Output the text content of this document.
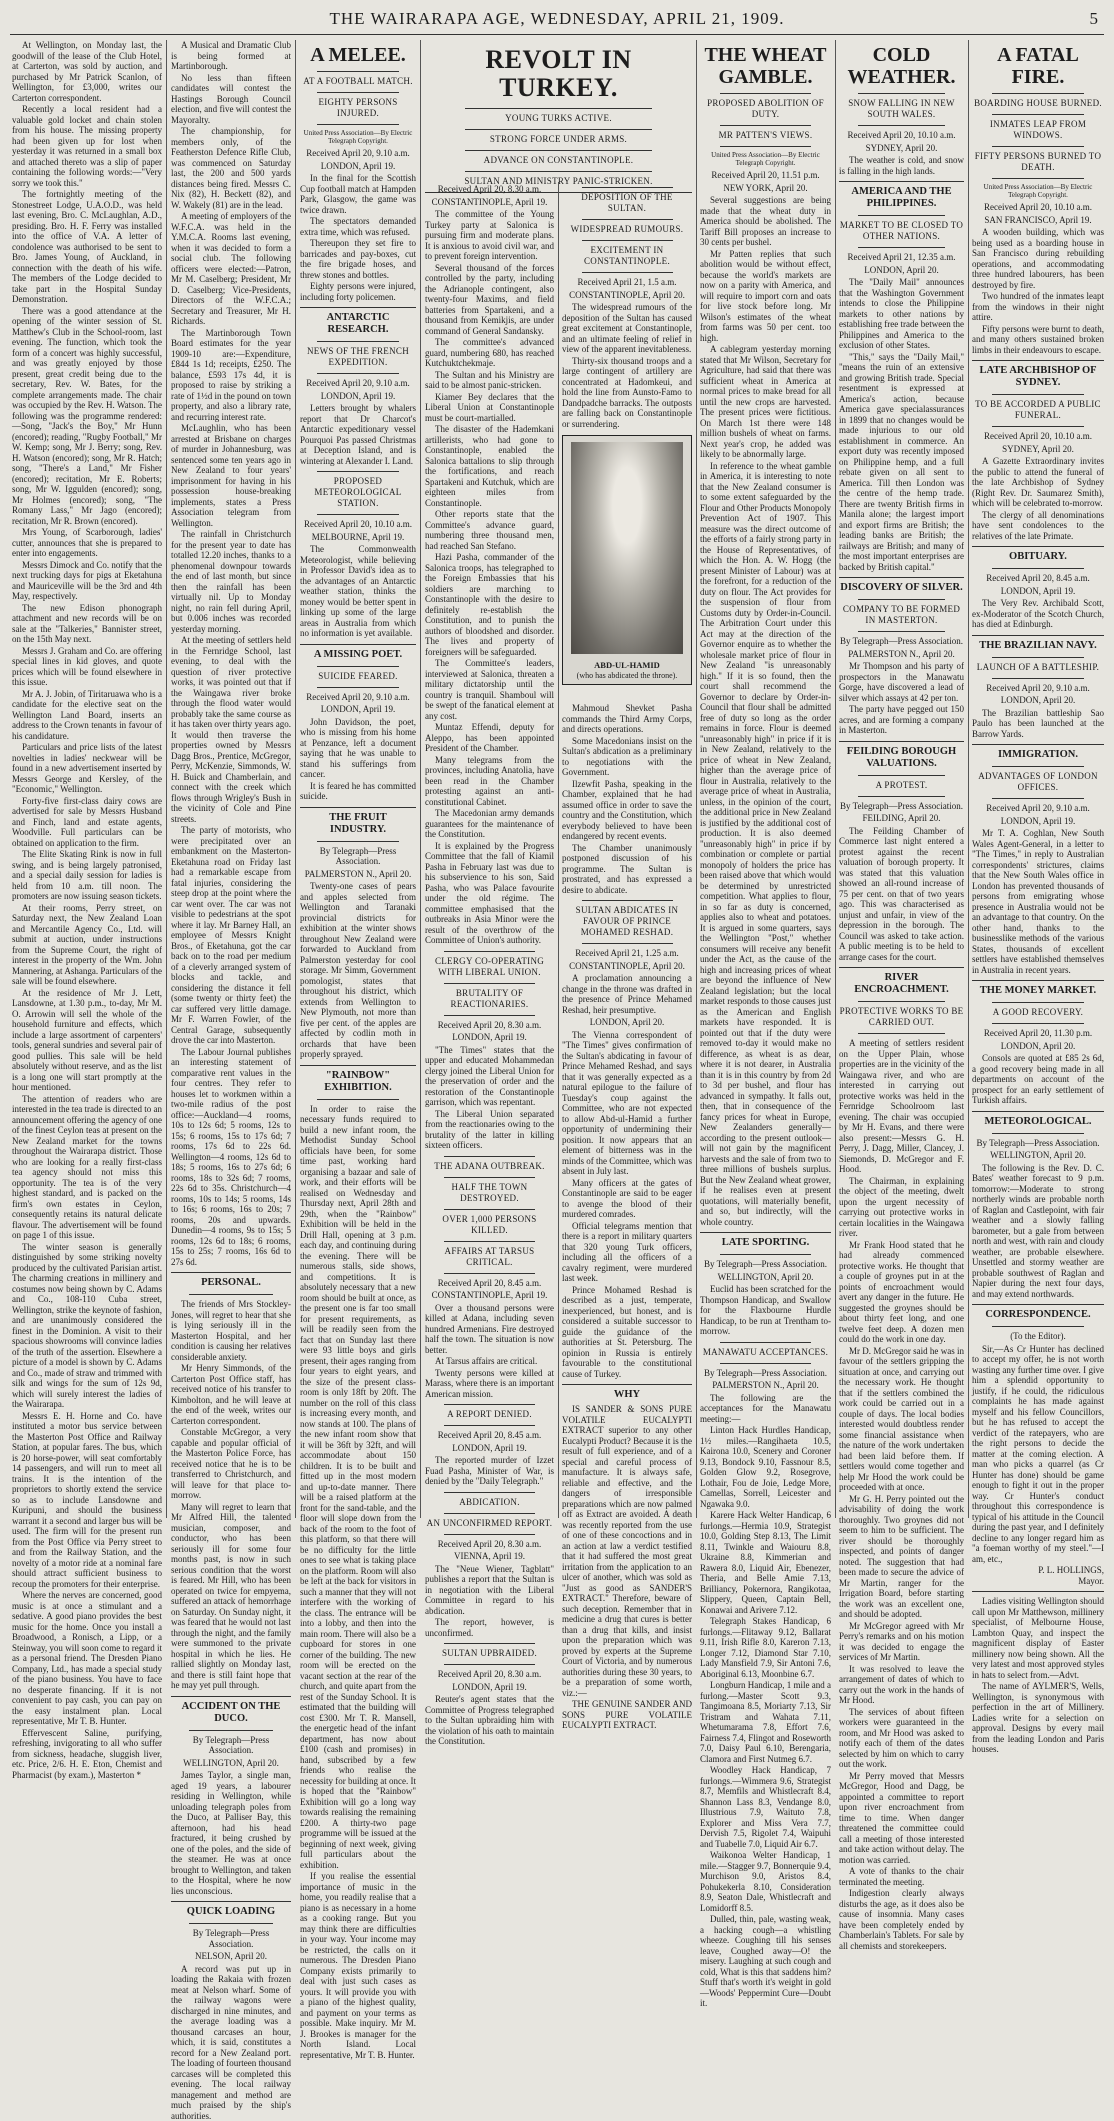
THE WAIRARAPA AGE, WEDNESDAY, APRIL 21, 1909.	5

At Wellington, on Monday last, the goodwill of the lease of the Club Hotel, at Carterton, was sold by auction, and purchased by Mr Patrick Scanlon, of Wellington, for £3,000, writes our Carterton correspondent.

Recently a local resident had a valuable gold locket and chain stolen from his house. The missing property had been given up for lost when yesterday it was returned in a small box and attached thereto was a slip of paper containing the following words:—"Very sorry we took this."

The fortnightly meeting of the Stonestreet Lodge, U.A.O.D., was held last evening, Bro. C. McLaughlan, A.D., presiding. Bro. H. F. Ferry was installed into the office of V.A. A letter of condolence was authorised to be sent to Bro. James Young, of Auckland, in connection with the death of his wife. The members of the Lodge decided to take part in the Hospital Sunday Demonstration.

There was a good attendance at the opening of the winter session of St. Matthew's Club in the School-room, last evening. The function, which took the form of a concert was highly successful, and was greatly enjoyed by those present, great credit being due to the secretary, Rev. W. Bates, for the complete arrangements made. The chair was occupied by the Rev. H. Watson. The following was the programme rendered:—Song, "Jack's the Boy," Mr Hunn (encored); reading, "Rugby Football," Mr W. Kemp; song, Mr J. Berry; song, Rev. H. Watson (encored); song, Mr R. Hatch; song, "There's a Land," Mr Fisher (encored); recitation, Mr E. Roberts; song, Mr W. Iggulden (encored); song, Mr Holmes (encored); song, "The Romany Lass," Mr Jago (encored); recitation, Mr R. Brown (encored).

Mrs Young, of Scarborough, ladies' cutter, announces that she is prepared to enter into engagements.

Messrs Dimock and Co. notify that the next trucking days for pigs at Eketahuna and Mauriceville will be the 3rd and 4th May, respectively.

The new Edison phonograph attachment and new records will be on sale at the "Talkeries," Bannister street, on the 15th May next.

Messrs J. Graham and Co. are offering special lines in kid gloves, and quote prices which will be found elsewhere in this issue.

Mr A. J. Jobin, of Tiritaruawa who is a candidate for the elective seat on the Wellington Land Board, inserts an address to the Crown tenants in favour of his candidature.

Particulars and price lists of the latest novelties in ladies' neckwear will be found in a new advertisement inserted by Messrs George and Kersley, of the "Economic," Wellington.

Forty-five first-class dairy cows are advertised for sale by Messrs Husband and Finch, land and estate agents, Woodville. Full particulars can be obtained on application to the firm.

The Elite Skating Rink is now in full swing, and is being largely patronised, and a special daily session for ladies is held from 10 a.m. till noon. The promoters are now issuing season tickets.

At their rooms, Perry street, on Saturday next, the New Zealand Loan and Mercantile Agency Co., Ltd. will submit at auction, under instructions from the Supreme Court, the right of interest in the property of the Wm. John Mannering, at Ashanga. Particulars of the sale will be found elsewhere.

At the residence of Mr J. Lett, Lansdowne, at 1.30 p.m., to-day, Mr M. O. Arrowin will sell the whole of the household furniture and effects, which include a large assortment of carpenters' tools, general sundries and several pair of good pullies. This sale will be held absolutely without reserve, and as the list is a long one will start promptly at the hour mentioned.

The attention of readers who are interested in the tea trade is directed to an announcement offering the agency of one of the finest Ceylon teas at present on the New Zealand market for the towns throughout the Wairarapa district. Those who are looking for a really first-class tea agency should not miss this opportunity. The tea is of the very highest standard, and is packed on the firm's own estates in Ceylon, consequently retains its natural delicate flavour. The advertisement will be found on page 1 of this issue.

The winter season is generally distinguished by some striking novelty produced by the cultivated Parisian artist. The charming creations in millinery and costumes now being shown by C. Adams and Co., 108-110 Cuba street, Wellington, strike the keynote of fashion, and are unanimously considered the finest in the Dominion. A visit to their spacious showrooms will convince ladies of the truth of the assertion. Elsewhere a picture of a model is shown by C. Adams and Co., made of straw and trimmed with silk and wings for the sum of 12s 9d, which will surely interest the ladies of the Wairarapa.

Messrs E. H. Horne and Co. have instituted a motor bus service between the Masterton Post Office and Railway Station, at popular fares. The bus, which is 20 horse-power, will seat comfortably 14 passengers, and will run to meet all trains. It is the intention of the proprietors to shortly extend the service so as to include Lansdowne and Kuripuni, and should the business warrant it a second and larger bus will be used. The firm will for the present run from the Post Office via Perry street to and from the Railway Station, and the novelty of a motor ride at a nominal fare should attract sufficient business to recoup the promoters for their enterprise.

Where the nerves are concerned, good music is at once a stimulant and a sedative. A good piano provides the best music for the home. Once you install a Broadwood, a Ronisch, a Lipp, or a Steinway, you will soon come to regard it as a personal friend. The Dresden Piano Company, Ltd., has made a special study of the piano business. You have to face no desperate financing. If it is not convenient to pay cash, you can pay on the easy instalment plan. Local representative, Mr T. B. Hunter.

Effervescent Saline, purifying, refreshing, invigorating to all who suffer from sickness, headache, sluggish liver, etc. Price, 2/6. H. E. Eton, Chemist and Pharmacist (by exam.), Masterton *

A Musical and Dramatic Club is being formed at Martinborough.

No less than fifteen candidates will contest the Hastings Borough Council election, and five will contest the Mayoralty.

The championship, for members only, of the Featherston Defence Rifle Club, was commenced on Saturday last, the 200 and 500 yards distances being fired. Messrs C. Nix (82), H. Beckett (82), and W. Wakely (81) are in the lead.

A meeting of employers of the W.F.C.A. was held in the Y.M.C.A. Rooms last evening, when it was decided to form a social club. The following officers were elected:—Patron, Mr M. Caselberg; President, Mr D. Caselberg; Vice-Presidents, Directors of the W.F.C.A.; Secretary and Treasurer, Mr H. Richards.

The Martinborough Town Board estimates for the year 1909-10 are:—Expenditure, £844 1s 1d; receipts, £250. The balance, £593 17s 4d, it is proposed to raise by striking a rate of 1½d in the pound on town property, and also a library rate, and recurring interest rate.

McLaughlin, who has been arrested at Brisbane on charges of murder in Johannesburg, was sentenced some ten years ago in New Zealand to four years' imprisonment for having in his possession house-breaking implements, states a Press Association telegram from Wellington.

The rainfall in Christchurch for the present year to date has totalled 12.20 inches, thanks to a phenomenal downpour towards the end of last month, but since then the rainfall has been virtually nil. Up to Monday night, no rain fell during April, but 0.006 inches was recorded yesterday morning.

At the meeting of settlers held in the Fernridge School, last evening, to deal with the question of river protective works, it was pointed out that if the Waingawa river broke through the flood water would probably take the same course as it has taken over thirty years ago. It would then traverse the properties owned by Messrs Dagg Bros., Prentice, McGregor, Perry, McKenzie, Simmonds, W. H. Buick and Chamberlain, and connect with the creek which flows through Wrigley's Bush in the vicinity of Cole and Pine streets.

The party of motorists, who were precipitated over an embankment on the Masterton-Eketahuna road on Friday last had a remarkable escape from fatal injuries, considering the steep drop at the point where the car went over. The car was not visible to pedestrians at the spot where it lay. Mr Barney Hall, an employee of Messrs Knight Bros., of Eketahuna, got the car back on to the road per medium of a cleverly arranged system of blocks and tackle, and considering the distance it fell (some twenty or thirty feet) the car suffered very little damage. Mr F. Warren Fowler, of the Central Garage, subsequently drove the car into Masterton.

The Labour Journal publishes an interesting statement of comparative rent values in the four centres. They refer to houses let to workmen within a two-mile radius of the post office:—Auckland—4 rooms, 10s to 12s 6d; 5 rooms, 12s to 15s; 6 rooms, 15s to 17s 6d; 7 rooms, 17s 6d to 22s 6d. Wellington—4 rooms, 12s 6d to 18s; 5 rooms, 16s to 27s 6d; 6 rooms, 18s to 32s 6d; 7 rooms, 22s 6d to 35s. Christchurch—4 rooms, 10s to 14s; 5 rooms, 14s to 16s; 6 rooms, 16s to 20s; 7 rooms, 20s and upwards. Dunedin—4 rooms, 9s to 15s; 5 rooms, 12s 6d to 18s; 6 rooms, 15s to 25s; 7 rooms, 16s 6d to 27s 6d.

PERSONAL.

The friends of Mrs Stockley-Jones, will regret to hear that she is lying seriously ill in the Masterton Hospital, and her condition is causing her relatives considerable anxiety.

Mr Henry Simmonds, of the Carterton Post Office staff, has received notice of his transfer to Kimbolton, and he will leave at the end of the week, writes our Carterton correspondent.

Constable McGregor, a very capable and popular official of the Masterton Police Force, has received notice that he is to be transferred to Christchurch, and will leave for that place to-morrow.

Many will regret to learn that Mr Alfred Hill, the talented musician, composer, and conductor, who has been seriously ill for some four months past, is now in such serious condition that the worst is feared. Mr Hill, who has been operated on twice for empyema, suffered an attack of hemorrhage on Saturday. On Sunday night, it was feared that he would not last through the night, and the family were summoned to the private hospital in which he lies. He rallied slightly on Monday last, and there is still faint hope that he may yet pull through.

ACCIDENT ON THE DUCO.
By Telegraph—Press Association.
WELLINGTON, April 20.

James Taylor, a single man, aged 19 years, a labourer residing in Wellington, while unloading telegraph poles from the Duco, at Palliser Bay, this afternoon, had his head fractured, it being crushed by one of the poles, and the side of the steamer. He was at once brought to Wellington, and taken to the Hospital, where he now lies unconscious.

QUICK LOADING
By Telegraph—Press Association.
NELSON, April 20.

A record was put up in loading the Rakaia with frozen meat at Nelson wharf. Some of the railway wagons were discharged in nine minutes, and the average loading was a thousand carcases an hour, which, it is said, constitutes a record for a New Zealand port. The loading of fourteen thousand carcases will be completed this evening. The local railway management and method are much praised by the ship's authorities.

A MELEE.
AT A FOOTBALL MATCH.
EIGHTY PERSONS INJURED.
United Press Association—By Electric Telegraph Copyright.
Received April 20, 9.10 a.m.
LONDON, April 19.

In the final for the Scottish Cup football match at Hampden Park, Glasgow, the game was twice drawn.

The spectators demanded extra time, which was refused.

Thereupon they set fire to barricades and pay-boxes, cut the fire brigade hoses, and threw stones and bottles.

Eighty persons were injured, including forty policemen.

ANTARCTIC RESEARCH.
NEWS OF THE FRENCH EXPEDITION.
Received April 20, 9.10 a.m.
LONDON, April 19.

Letters brought by whalers report that Dr Charcot's Antarctic expeditionary vessel Pourquoi Pas passed Christmas at Deception Island, and is wintering at Alexander I. Land.

PROPOSED METEOROLOGICAL STATION.
Received April 20, 10.10 a.m.
MELBOURNE, April 19.

The Commonwealth Meteorologist, while believing in Professor David's idea as to the advantages of an Antarctic weather station, thinks the money would be better spent in linking up some of the large areas in Australia from which no information is yet available.

A MISSING POET.
SUICIDE FEARED.
Received April 20, 9.10 a.m.
LONDON, April 19.

John Davidson, the poet, who is missing from his home at Penzance, left a document saying that he was unable to stand his sufferings from cancer.

It is feared he has committed suicide.

THE FRUIT INDUSTRY.
By Telegraph—Press Association.
PALMERSTON N., April 20.

Twenty-one cases of pears and apples selected from Wellington and Taranaki provincial districts for exhibition at the winter shows throughout New Zealand were forwarded to Auckland from Palmerston yesterday for cool storage. Mr Simm, Government pomologist, states that throughout his district, which extends from Wellington to New Plymouth, not more than five per cent. of the apples are affected by codlin moth in orchards that have been properly sprayed.

"RAINBOW" EXHIBITION.

In order to raise the necessary funds required to build a new infant room, the Methodist Sunday School officials have been, for some time past, working hard organising a bazaar and sale of work, and their efforts will be realised on Wednesday and Thursday next, April 28th and 29th, when the "Rainbow" Exhibition will be held in the Drill Hall, opening at 3 p.m. each day, and continuing during the evening. There will be numerous stalls, side shows, and competitions. It is absolutely necessary that a new room should be built at once, as the present one is far too small for present requirements, as will be readily seen from the fact that on Sunday last there were 93 little boys and girls present, their ages ranging from four years to eight years, and the size of the present class-room is only 18ft by 20ft. The number on the roll of this class is increasing every month, and now stands at 100. The plans of the new infant room show that it will be 36ft by 32ft, and will accommodate about 150 children. It is to be built and fitted up in the most modern and up-to-date manner. There will be a raised platform at the front for the sand-table, and the floor will slope down from the back of the room to the foot of this platform, so that there will be no difficulty for the little ones to see what is taking place on the platform. Room will also be left at the back for visitors in such a manner that they will not interfere with the working of the class. The entrance will be into a lobby, and then into the main room. There will also be a cupboard for stores in one corner of the building. The new room will be erected on the vacant section at the rear of the church, and quite apart from the rest of the Sunday School. It is estimated that the building will cost £300. Mr T. R. Mansell, the energetic head of the infant department, has now about £100 (cash and promises) in hand, subscribed by a few friends who realise the necessity for building at once. It is hoped that the "Rainbow" Exhibition will go a long way towards realising the remaining £200. A thirty-two page programme will be issued at the beginning of next week, giving full particulars about the exhibition.

If you realise the essential importance of music in the home, you readily realise that a piano is as necessary in a home as a cooking range. But you may think there are difficulties in your way. Your income may be restricted, the calls on it numerous. The Dresden Piano Company exists primarily to deal with just such cases as yours. It will provide you with a piano of the highest quality, and payment on your terms as possible. Make inquiry. Mr M. J. Brookes is manager for the North Island. Local representative, Mr T. B. Hunter.

REVOLT IN TURKEY.
YOUNG TURKS ACTIVE.
STRONG FORCE UNDER ARMS.
ADVANCE ON CONSTANTINOPLE.
SULTAN AND MINISTRY PANIC-STRICKEN.
Received April 20, 8.30 a.m.
CONSTANTINOPLE, April 19.

The committee of the Young Turkey party at Salonica is pursuing firm and moderate plans. It is anxious to avoid civil war, and to prevent foreign intervention.

Several thousand of the forces controlled by the party, including the Adrianople contingent, also twenty-four Maxims, and field batteries from Spartakeni, and a thousand from Kemikjis, are under command of General Sandansky.

The committee's advanced guard, numbering 680, has reached Kutchuktchekmaje.

The Sultan and his Ministry are said to be almost panic-stricken.

Kiamer Bey declares that the Liberal Union at Constantinople must be court-martialled.

The disaster of the Hademkani artillerists, who had gone to Constantinople, enabled the Salonica battalions to slip through the fortifications, and reach Spartakeni and Kutchuk, which are eighteen miles from Constantinople.

Other reports state that the Committee's advance guard, numbering three thousand men, had reached San Stefano.

Hazi Pasha, commander of the Salonica troops, has telegraphed to the Foreign Embassies that his soldiers are marching to Constantinople with the desire to definitely re-establish the Constitution, and to punish the authors of bloodshed and disorder. The lives and property of foreigners will be safeguarded.

The Committee's leaders, interviewed at Salonica, threaten a military dictatorship until the country is tranquil. Shamboul will be swept of the fanatical element at any cost.

Muntaz Effendi, deputy for Aleppo, has been appointed President of the Chamber.

Many telegrams from the provinces, including Anatolia, have been read in the Chamber protesting against an anti-constitutional Cabinet.

The Macedonian army demands guarantees for the maintenance of the Constitution.

It is explained by the Progress Committee that the fall of Kiamil Pasha in February last was due to his subservience to his son, Said Pasha, who was Palace favourite under the old régime. The committee emphasised that the outbreaks in Asia Minor were the result of the overthrow of the Committee of Union's authority.

CLERGY CO-OPERATING WITH LIBERAL UNION.
BRUTALITY OF REACTIONARIES.
Received April 20, 8.30 a.m.
LONDON, April 19.

"The Times" states that the upper and educated Mohammedan clergy joined the Liberal Union for the preservation of order and the restoration of the Constantinople garrison, which was repentant.

The Liberal Union separated from the reactionaries owing to the brutality of the latter in killing sixteen officers.

THE ADANA OUTBREAK.
HALF THE TOWN DESTROYED.
OVER 1,000 PERSONS KILLED.
AFFAIRS AT TARSUS CRITICAL.
Received April 20, 8.45 a.m.
CONSTANTINOPLE, April 19.

Over a thousand persons were killed at Adana, including seven hundred Armenians. Fire destroyed half the town. The situation is now better.

At Tarsus affairs are critical.

Twenty persons were killed at Marass, where there is an important American mission.

A REPORT DENIED.
Received April 20, 8.45 a.m.
LONDON, April 19.

The reported murder of Izzet Fuad Pasha, Minister of War, is denied by the "Daily Telegraph."

ABDICATION.
AN UNCONFIRMED REPORT.
Received April 20, 8.30 a.m.
VIENNA, April 19.

The "Neue Wiener, Tagblatt" publishes a report that the Sultan is in negotiation with the Liberal Committee in regard to his abdication.

The report, however, is unconfirmed.

SULTAN UPBRAIDED.
Received April 20, 8.30 a.m.
LONDON, April 19.

Reuter's agent states that the Committee of Progress telegraphed to the Sultan upbraiding him with the violation of his oath to maintain the Constitution.

DEPOSITION OF THE SULTAN.
WIDESPREAD RUMOURS.
EXCITEMENT IN CONSTANTINOPLE.
Received April 21, 1.5 a.m.
CONSTANTINOPLE, April 20.

The widespread rumours of the deposition of the Sultan has caused great excitement at Constantinople, and an ultimate feeling of relief in view of the apparent inevitableness.

Thirty-six thousand troops and a large contingent of artillery are concentrated at Hadomkeui, and hold the line from Aunsto-Famo to Dandpadche barracks. The outposts are falling back on Constantinople or surrendering.

ABD-UL-HAMID
(who has abdicated the throne).

Mahmoud Shevket Pasha commands the Third Army Corps, and directs operations.

Some Macedonians insist on the Sultan's abdication as a preliminary to negotiations with the Government.

Ilzewfit Pasha, speaking in the Chamber, explained that he had assumed office in order to save the country and the Constitution, which everybody believed to have been endangered by recent events.

The Chamber unanimously postponed discussion of his programme. The Sultan is prostrated, and has expressed a desire to abdicate.

SULTAN ABDICATES IN FAVOUR OF PRINCE MOHAMED RESHAD.
Received April 21, 1.25 a.m.
CONSTANTINOPLE, April 20.

A proclamation announcing a change in the throne was drafted in the presence of Prince Mehamed Reshad, heir presumptive.

LONDON, April 20.

The Vienna correspondent of "The Times" gives confirmation of the Sultan's abdicating in favour of Prince Mehamed Reshad, and says that it was generally expected as a natural epilogue to the failure of Tuesday's coup against the Committee, who are not expected to allow Abd-ul-Hamid a further opportunity of undermining their position. It now appears that an element of bitterness was in the minds of the Committee, which was absent in July last.

Many officers at the gates of Constantinople are said to be eager to avenge the blood of their murdered comrades.

Official telegrams mention that there is a report in military quarters that 320 young Turk officers, including all the officers of a cavalry regiment, were murdered last week.

Prince Mohamed Reshad is described as a just, temperate, inexperienced, but honest, and is considered a suitable successor to guide the guidance of the authorities at St. Petersburg. The opinion in Russia is entirely favourable to the constitutional cause of Turkey.

WHY

IS SANDER & SONS PURE VOLATILE EUCALYPTI EXTRACT superior to any other Eucalypti Product? Because it is the result of full experience, and of a special and careful process of manufacture. It is always safe, reliable and effective, and the dangers of irresponsible preparations which are now palmed off as Extract are avoided. A death was recently reported from the use of one of these concoctions and in an action at law a verdict testified that it had suffered the most great irritation from the application to an ulcer of another, which was sold as "Just as good as SANDER'S EXTRACT." Therefore, beware of such deception. Remember that in medicine a drug that cures is better than a drug that kills, and insist upon the preparation which was proved by experts at the Supreme Court of Victoria, and by numerous authorities during these 30 years, to be a preparation of some worth, viz.:—

THE GENUINE SANDER AND SONS PURE VOLATILE EUCALYPTI EXTRACT.

THE WHEAT GAMBLE.
PROPOSED ABOLITION OF DUTY.
MR PATTEN'S VIEWS.
United Press Association—By Electric Telegraph Copyright.
Received April 20, 11.51 p.m.
NEW YORK, April 20.

Several suggestions are being made that the wheat duty in America should be abolished. The Tariff Bill proposes an increase to 30 cents per bushel.

Mr Patten replies that such abolition would be without effect, because the world's markets are now on a parity with America, and will require to import corn and oats for live stock before long. Mr Wilson's estimates of the wheat from farms was 50 per cent. too high.

A cablegram yesterday morning stated that Mr Wilson, Secretary for Agriculture, had said that there was sufficient wheat in America at normal prices to make bread for all until the new crops are harvested. The present prices were fictitious. On March 1st there were 148 million bushels of wheat on farms. Next year's crop, he added was likely to be abnormally large.

In reference to the wheat gamble in America, it is interesting to note that the New Zealand consumer is to some extent safeguarded by the Flour and Other Products Monopoly Prevention Act of 1907. This measure was the direct outcome of the efforts of a fairly strong party in the House of Representatives, of which the Hon. A. W. Hogg (the present Minister of Labour) was at the forefront, for a reduction of the duty on flour. The Act provides for the suspension of flour from Customs duty by Order-in-Council. The Arbitration Court under this Act may at the direction of the Governor enquire as to whether the wholesale market price of flour in New Zealand "is unreasonably high." If it is so found, then the court shall recommend the Governor to declare by Order-in-Council that flour shall be admitted free of duty so long as the order remains in force. Flour is deemed "unreasonably high" in price if it is in New Zealand, relatively to the price of wheat in New Zealand, higher than the average price of flour in Australia, relatively to the average price of wheat in Australia, unless, in the opinion of the court, the additional price in New Zealand is justified by the additional cost of production. It is also deemed "unreasonably high" in price if by combination or complete or partial monopoly of holders the price has been raised above that which would be determined by unrestricted competition. What applies to flour, in so far as duty is concerned, applies also to wheat and potatoes. It is argued in some quarters, says the Wellington "Post," whether consumers will receive any benefit under the Act, as the cause of the high and increasing prices of wheat are beyond the influence of New Zealand legislation; but the local market responds to those causes just as the American and English markets have responded. It is pointed out that if the duty were removed to-day it would make no difference, as wheat is as dear, where it is not dearer, in Australia than it is in this country by from 2d to 3d per bushel, and flour has advanced in sympathy. It falls out, then, that in consequence of the fancy prices for wheat in Europe, New Zealanders generally—according to the present outlook—will not gain by the magnificent harvests and the sale of from two to three millions of bushels surplus. But the New Zealand wheat grower, if he realises even at present quotations, will materially benefit, and so, but indirectly, will the whole country.

LATE SPORTING.
By Telegraph—Press Association.
WELLINGTON, April 20.

Euclid has been scratched for the Thompson Handicap, and Swallow for the Flaxbourne Hurdle Handicap, to be run at Trentham to-morrow.

MANAWATU ACCEPTANCES.
By Telegraph—Press Association.
PALMERSTON N., April 20.

The following are the acceptances for the Manawatu meeting:—

Linton Hack Hurdles Handicap, 1½ miles.—Rangihaeta 10.5, Kairona 10.0, Scenery and Coroner 9.13, Bondock 9.10, Fassnour 8.5, Golden Glow 9.2, Rosegrove, Lothair, Fou de Joie, Ledge More, Camellas, Sorrell, Leicester and Ngawaka 9.0.

Karere Hack Welter Handicap, 6 furlongs.—Hermia 10.9, Strategist 10.0, Golding Step 8.13, The Limit 8.11, Twinkle and Waiouru 8.8, Ukraine 8.8, Kimmerian and Rawera 8.0, Liquid Air, Ebenezer, Theria, and Belle Amie 7.13, Brilliancy, Pokernora, Rangikotaa, Slippery, Queen, Captain Bell, Konawai and Arivere 7.12.

Telegraph Stakes Handicap, 6 furlongs.—Flitaway 9.12, Ballarat 9.11, Irish Rifle 8.0, Kareron 7.13, Longer 7.12, Diamond Star 7.10, Lady Mansfield 7.9, Sir Antoni 7.6, Aboriginal 6.13, Moonbine 6.7.

Longburn Handicap, 1 mile and a furlong.—Master Scott 9.3, Tangimoana 8.5, Moriarty 7.13, Sir Tristram and Wahata 7.11, Whetumarama 7.8, Effort 7.6, Fairness 7.4, Flingot and Roseworth 7.0, Daisy Paul 6.10, Berengaria, Clamora and First Nutmeg 6.7.

Woodley Hack Handicap, 7 furlongs.—Wimmera 9.6, Strategist 8.7, Memfils and Whistlecraft 8.4, Shannon Lass 8.3, Vendange 8.0, Illustrious 7.9, Waituto 7.8, Explorer and Miss Vera 7.7, Dervish 7.5, Rigolet 7.4, Waipuhi and Tuabelle 7.0, Liquid Air 6.7.

Waikonoa Welter Handicap, 1 mile.—Stagger 9.7, Bonnerquie 9.4, Murchison 9.0, Aristos 8.4, Pohukekerla 8.10, Consideration 8.9, Seaton Dale, Whistlecraft and Lomidorff 8.5.

Dulled, thin, pale, wasting weak, a hacking cough—a whistling wheeze. Coughing till his senses leave, Coughed away—O! the misery. Laughing at such cough and cold, What is this that saddens him? Stuff that's worth it's weight in gold—Woods' Peppermint Cure—Doubt it.

COLD WEATHER.
SNOW FALLING IN NEW SOUTH WALES.
Received April 20, 10.10 a.m.
SYDNEY, April 20.

The weather is cold, and snow is falling in the high lands.

AMERICA AND THE PHILIPPINES.
MARKET TO BE CLOSED TO OTHER NATIONS.
Received April 21, 12.35 a.m.
LONDON, April 20.

The "Daily Mail" announces that the Washington Government intends to close the Philippine markets to other nations by establishing free trade between the Philippines and America to the exclusion of other States.

"This," says the "Daily Mail," "means the ruin of an extensive and growing British trade. Special resentment is expressed at America's action, because America gave specialassurances in 1899 that no changes would be made injurious to our old establishment in commerce. An export duty was recently imposed on Philippine hemp, and a full rebate given on all sent to America. Till then London was the centre of the hemp trade. There are twenty British firms in Manila alone; the largest import and export firms are British; the leading banks are British; the railways are British; and many of the most important enterprises are backed by British capital."

DISCOVERY OF SILVER.
COMPANY TO BE FORMED IN MASTERTON.
By Telegraph—Press Association.
PALMERSTON N., April 20.

Mr Thompson and his party of prospectors in the Manawatu Gorge, have discovered a lead of silver which assays at 42 per ton.

The party have pegged out 150 acres, and are forming a company in Masterton.

FEILDING BOROUGH VALUATIONS.
A PROTEST.
By Telegraph—Press Association.
FEILDING, April 20.

The Feilding Chamber of Commerce last night entered a protest against the recent valuation of borough property. It was stated that this valuation showed an all-round increase of 75 per cent. on that of two years ago. This was characterised as unjust and unfair, in view of the depression in the borough. The Council was asked to take action. A public meeting is to be held to arrange cases for the court.

RIVER ENCROACHMENT.
PROTECTIVE WORKS TO BE CARRIED OUT.

A meeting of settlers resident on the Upper Plain, whose properties are in the vicinity of the Waingawa river, and who are interested in carrying out protective works was held in the Fernridge Schoolroom last evening. The chair was occupied by Mr H. Evans, and there were also present:—Messrs G. H. Perry, J. Dagg, Miller, Clancey, J. Siemonds, D. McGregor and F. Hood.

The Chairman, in explaining the object of the meeting, dwelt upon the urgent necessity of carrying out protective works in certain localities in the Waingawa river.

Mr Frank Hood stated that he had already commenced protective works. He thought that a couple of groynes put in at the points of encroachment would avert any danger in the future. He suggested the groynes should be about thirty feet long, and one twelve feet deep. A dozen men could do the work in one day.

Mr D. McGregor said he was in favour of the settlers gripping the situation at once, and carrying out the necessary work. He thought that if the settlers combined the work could be carried out in a couple of days. The local bodies interested would doubtless render some financial assistance when the nature of the work undertaken had been laid before them. If settlers would come together and help Mr Hood the work could be proceeded with at once.

Mr G. H. Perry pointed out the advisability of doing the work thoroughly. Two groynes did not seem to him to be sufficient. The river should be thoroughly inspected, and points of danger noted. The suggestion that had been made to secure the advice of Mr Martin, ranger for the Irrigation Board, before starting the work was an excellent one, and should be adopted.

Mr McGregor agreed with Mr Perry's remarks and on his motion it was decided to engage the services of Mr Martin.

It was resolved to leave the arrangement of dates of which to carry out the work in the hands of Mr Hood.

The services of about fifteen workers were guaranteed in the room, and Mr Hood was asked to notify each of them of the dates selected by him on which to carry out the work.

Mr Perry moved that Messrs McGregor, Hood and Dagg, be appointed a committee to report upon river encroachment from time to time. When danger threatened the committee could call a meeting of those interested and take action without delay. The motion was carried.

A vote of thanks to the chair terminated the meeting.

Indigestion clearly always disturbs the age, as it does also be cause of insomnia. Many cases have been completely ended by Chamberlain's Tablets. For sale by all chemists and storekeepers.

A FATAL FIRE.
BOARDING HOUSE BURNED.
INMATES LEAP FROM WINDOWS.
FIFTY PERSONS BURNED TO DEATH.
United Press Association—By Electric Telegraph Copyright.
Received April 20, 10.10 a.m.
SAN FRANCISCO, April 19.

A wooden building, which was being used as a boarding house in San Francisco during rebuilding operations, and accommodating three hundred labourers, has been destroyed by fire.

Two hundred of the inmates leapt from the windows in their night attire.

Fifty persons were burnt to death, and many others sustained broken limbs in their endeavours to escape.

LATE ARCHBISHOP OF SYDNEY.
TO BE ACCORDED A PUBLIC FUNERAL.
Received April 20, 10.10 a.m.
SYDNEY, April 20.

A Gazette Extraordinary invites the public to attend the funeral of the late Archbishop of Sydney (Right Rev. Dr. Saumarez Smith), which will be celebrated to-morrow.

The clergy of all denominations have sent condolences to the relatives of the late Primate.

OBITUARY.
Received April 20, 8.45 a.m.
LONDON, April 19.

The Very Rev. Archibald Scott, ex-Moderator of the Scotch Church, has died at Edinburgh.

THE BRAZILIAN NAVY.
LAUNCH OF A BATTLESHIP.
Received April 20, 9.10 a.m.
LONDON, April 20.

The Brazilian battleship Sao Paulo has been launched at the Barrow Yards.

IMMIGRATION.
ADVANTAGES OF LONDON OFFICES.
Received April 20, 9.10 a.m.
LONDON, April 19.

Mr T. A. Coghlan, New South Wales Agent-General, in a letter to "The Times," in reply to Australian correspondents' strictures, claims that the New South Wales office in London has prevented thousands of persons from emigrating whose presence in Australia would not be an advantage to that country. On the other hand, thanks to the businesslike methods of the various States, thousands of excellent settlers have established themselves in Australia in recent years.

THE MONEY MARKET.
A GOOD RECOVERY.
Received April 20, 11.30 p.m.
LONDON, April 20.

Consols are quoted at £85 2s 6d, a good recovery being made in all departments on account of the prospect for an early settlement of Turkish affairs.

METEOROLOGICAL.
By Telegraph—Press Association.
WELLINGTON, April 20.

The following is the Rev. D. C. Bates' weather forecast to 9 p.m. tomorrow:—Moderate to strong northerly winds are probable north of Raglan and Castlepoint, with fair weather and a slowly falling barometer, but a gale from between north and west, with rain and cloudy weather, are probable elsewhere. Unsettled and stormy weather are probable southwest of Raglan and Napier during the next four days, and may extend northwards.

CORRESPONDENCE.
(To the Editor).

Sir,—As Cr Hunter has declined to accept my offer, he is not worth wasting any further time over. I give him a splendid opportunity to justify, if he could, the ridiculous complaints he has made against myself and his fellow Councillors, but he has refused to accept the verdict of the ratepayers, who are the right persons to decide the matter at the coming election. A man who picks a quarrel (as Cr Hunter has done) should be game enough to fight it out in the proper way. Cr Hunter's conduct throughout this correspondence is typical of his attitude in the Council during the past year, and I definitely decline to any longer regard him as "a foeman worthy of my steel."—I am, etc.,

P. L. HOLLINGS,
Mayor.

Ladies visiting Wellington should call upon Mr Matthewson, millinery specialist, of Melbourne House, Lambton Quay, and inspect the magnificent display of Easter millinery now being shown. All the very latest and most approved styles in hats to select from.—Advt.

The name of AYLMER'S, Wells, Wellington, is synonymous with perfection in the art of Millinery. Ladies write for a selection on approval. Designs by every mail from the leading London and Paris houses.
